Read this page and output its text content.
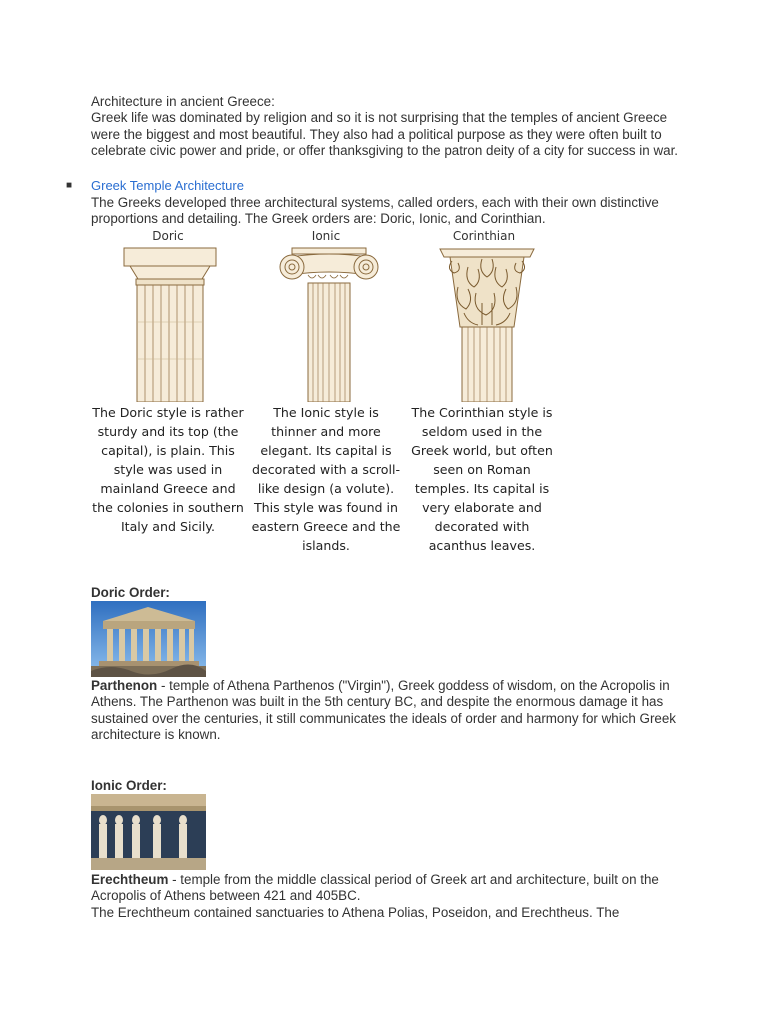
Architecture in ancient Greece:
Greek life was dominated by religion and so it is not surprising that the temples of ancient Greece were the biggest and most beautiful. They also had a political purpose as they were often built to celebrate civic power and pride, or offer thanksgiving to the patron deity of a city for success in war.
■ Greek Temple Architecture
The Greeks developed three architectural systems, called orders, each with their own distinctive proportions and detailing. The Greek orders are: Doric, Ionic, and Corinthian.
Doric	Ionic	Corinthian
The Doric style is rather sturdy and its top (the capital), is plain. This style was used in mainland Greece and the colonies in southern Italy and Sicily.
The Ionic style is thinner and more elegant. Its capital is decorated with a scroll-like design (a volute). This style was found in eastern Greece and the islands.
The Corinthian style is seldom used in the Greek world, but often seen on Roman temples. Its capital is very elaborate and decorated with acanthus leaves.
Doric Order:
Parthenon - temple of Athena Parthenos ("Virgin"), Greek goddess of wisdom, on the Acropolis in Athens. The Parthenon was built in the 5th century BC, and despite the enormous damage it has sustained over the centuries, it still communicates the ideals of order and harmony for which Greek architecture is known.
Ionic Order:
Erechtheum - temple from the middle classical period of Greek art and architecture, built on the Acropolis of Athens between 421 and 405BC.
The Erechtheum contained sanctuaries to Athena Polias, Poseidon, and Erechtheus. The
